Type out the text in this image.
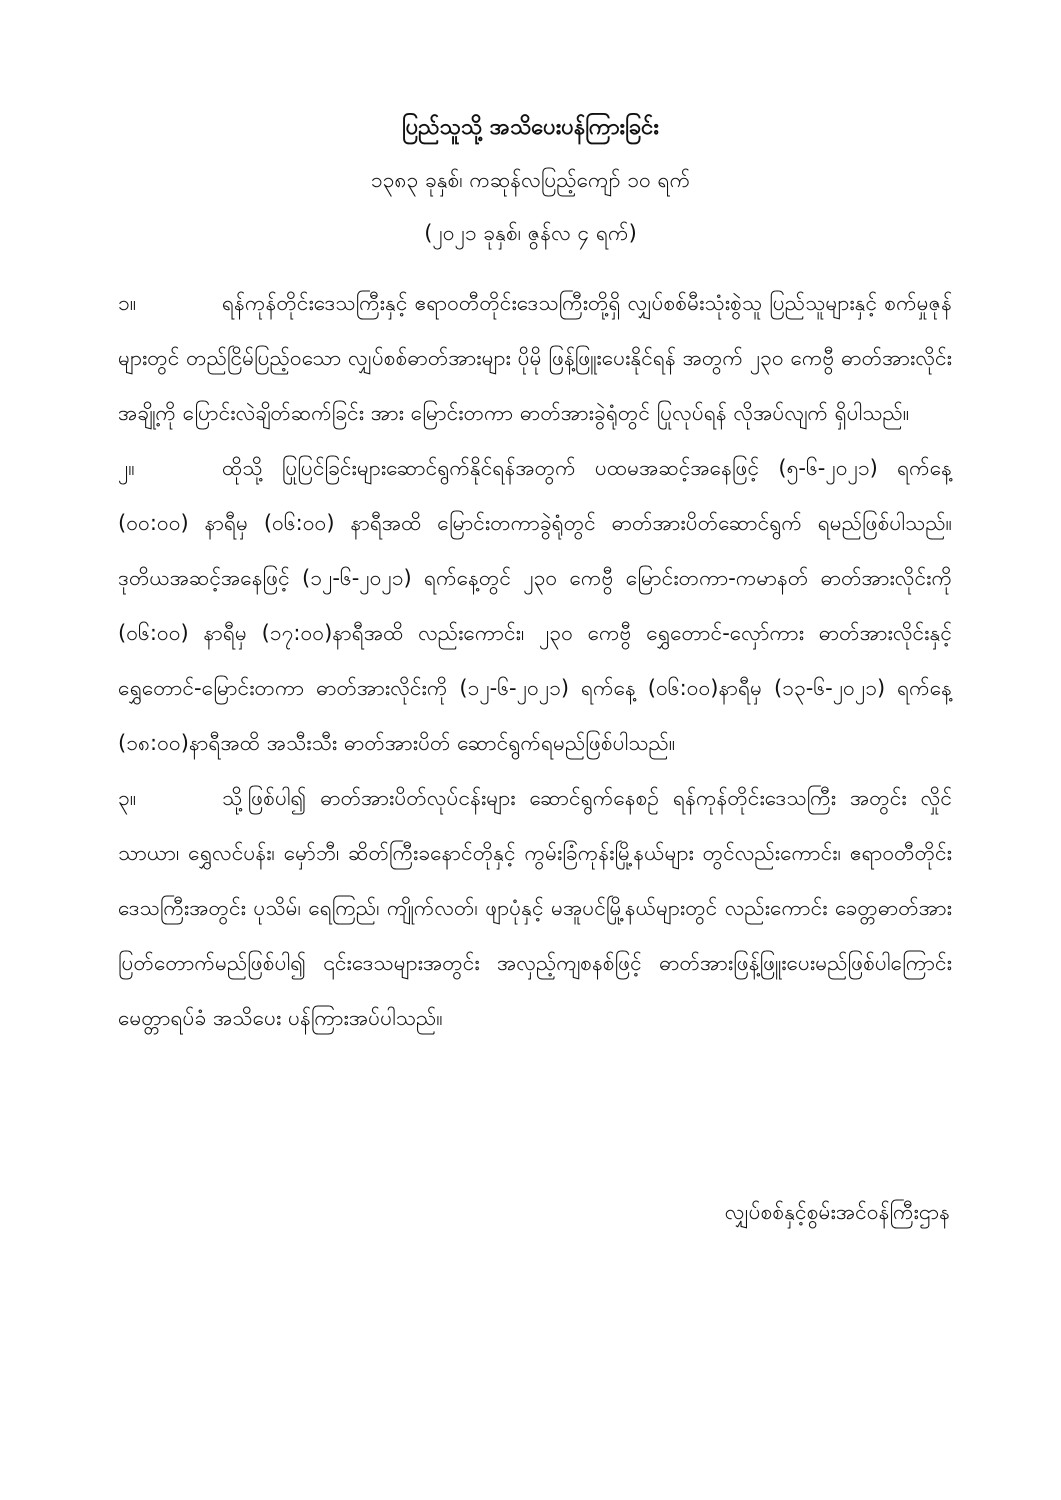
ပြည်သူသို့ အသိပေးပန်ကြားခြင်း
၁၃၈၃ ခုနှစ်၊ ကဆုန်လပြည့်ကျော် ၁၀ ရက်
(၂၀၂၁ ခုနှစ်၊ ဇွန်လ ၄ ရက်)

၁။	ရန်ကုန်တိုင်းဒေသကြီးနှင့် ဧရာဝတီတိုင်းဒေသကြီးတို့ရှိ လျှပ်စစ်မီးသုံးစွဲသူ ပြည်သူများနှင့် စက်မှုဇုန်များတွင် တည်ငြိမ်ပြည့်ဝသော လျှပ်စစ်ဓာတ်အားများ ပိုမို ဖြန့်ဖြူးပေးနိုင်ရန် အတွက် ၂၃၀ ကေဗွီ ဓာတ်အားလိုင်းအချို့ကို ပြောင်းလဲချိတ်ဆက်ခြင်း အား မြောင်းတကာ ဓာတ်အားခွဲရုံတွင် ပြုလုပ်ရန် လိုအပ်လျက် ရှိပါသည်။

၂။	ထိုသို့ ပြုပြင်ခြင်းများဆောင်ရွက်နိုင်ရန်အတွက် ပထမအဆင့်အနေဖြင့် (၅-၆-၂၀၂၁) ရက်နေ့ (၀၀:၀၀) နာရီမှ (၀၆:၀၀) နာရီအထိ မြောင်းတကာခွဲရုံတွင် ဓာတ်အားပိတ်ဆောင်ရွက် ရမည်ဖြစ်ပါသည်။ ဒုတိယအဆင့်အနေဖြင့် (၁၂-၆-၂၀၂၁) ရက်နေ့တွင် ၂၃၀ ကေဗွီ မြောင်းတကာ-ကမာနတ် ဓာတ်အားလိုင်းကို (၀၆:၀၀) နာရီမှ (၁၇:၀၀)နာရီအထိ လည်းကောင်း၊ ၂၃၀ ကေဗွီ ရွှေတောင်-လှော်ကား ဓာတ်အားလိုင်းနှင့် ရွှေတောင်-မြောင်းတကာ ဓာတ်အားလိုင်းကို (၁၂-၆-၂၀၂၁) ရက်နေ့ (၀၆:၀၀)နာရီမှ (၁၃-၆-၂၀၂၁) ရက်နေ့ (၁၈:၀၀)နာရီအထိ အသီးသီး ဓာတ်အားပိတ် ဆောင်ရွက်ရမည်ဖြစ်ပါသည်။

၃။	သို့ဖြစ်ပါ၍ ဓာတ်အားပိတ်လုပ်ငန်းများ ဆောင်ရွက်နေစဉ် ရန်ကုန်တိုင်းဒေသကြီး အတွင်း လှိုင်သာယာ၊ ရွှေလင်ပန်း၊ မှော်ဘီ၊ ဆိတ်ကြီးခနောင်တိုနှင့် ကွမ်းခြံကုန်းမြို့နယ်များ တွင်လည်းကောင်း၊ ဧရာဝတီတိုင်းဒေသကြီးအတွင်း ပုသိမ်၊ ရေကြည်၊ ကျိုက်လတ်၊ ဖျာပုံနှင့် မအူပင်မြို့နယ်များတွင် လည်းကောင်း ခေတ္တဓာတ်အားပြတ်တောက်မည်ဖြစ်ပါ၍ ၎င်းဒေသများအတွင်း အလှည့်ကျစနစ်ဖြင့် ဓာတ်အားဖြန့်ဖြူးပေးမည်ဖြစ်ပါကြောင်း မေတ္တာရပ်ခံ အသိပေး ပန်ကြားအပ်ပါသည်။

လျှပ်စစ်နှင့်စွမ်းအင်ဝန်ကြီးဌာန
